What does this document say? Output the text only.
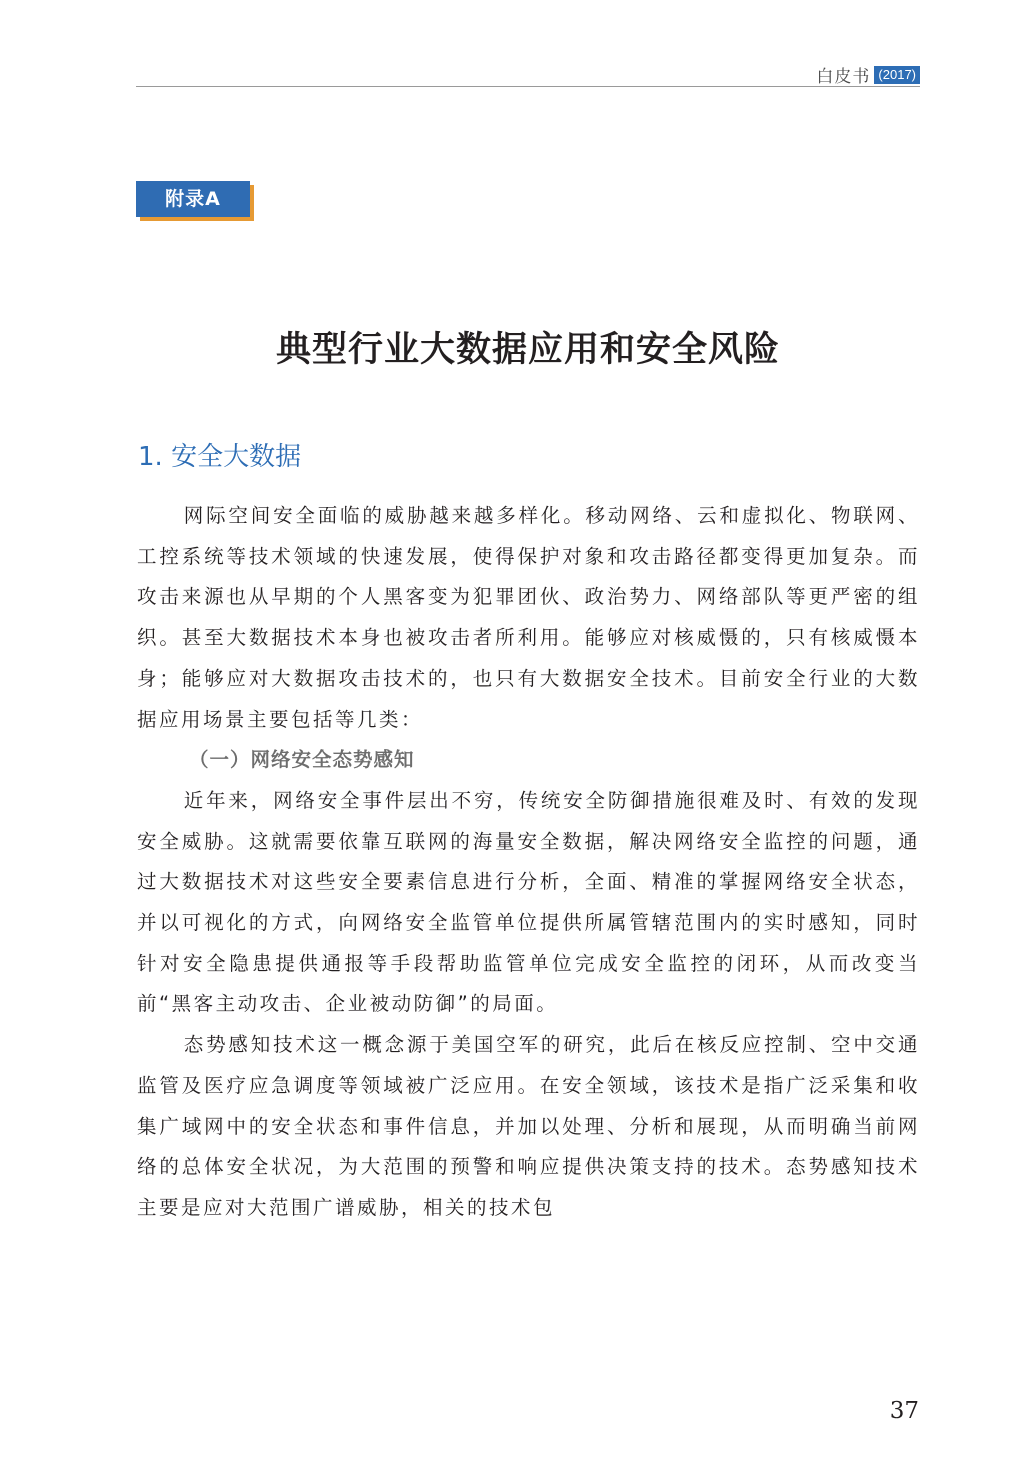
白皮书 (2017)
附录A
典型行业大数据应用和安全风险
1. 安全大数据

网际空间安全面临的威胁越来越多样化。移动网络、云和虚拟化、物联网、工控系统等技术领域的快速发展，使得保护对象和攻击路径都变得更加复杂。而攻击来源也从早期的个人黑客变为犯罪团伙、政治势力、网络部队等更严密的组织。甚至大数据技术本身也被攻击者所利用。能够应对核威慑的，只有核威慑本身；能够应对大数据攻击技术的，也只有大数据安全技术。目前安全行业的大数据应用场景主要包括等几类：

（一）网络安全态势感知

近年来，网络安全事件层出不穷，传统安全防御措施很难及时、有效的发现安全威胁。这就需要依靠互联网的海量安全数据，解决网络安全监控的问题，通过大数据技术对这些安全要素信息进行分析，全面、精准的掌握网络安全状态，并以可视化的方式，向网络安全监管单位提供所属管辖范围内的实时感知，同时针对安全隐患提供通报等手段帮助监管单位完成安全监控的闭环，从而改变当前“黑客主动攻击、企业被动防御”的局面。

态势感知技术这一概念源于美国空军的研究，此后在核反应控制、空中交通监管及医疗应急调度等领域被广泛应用。在安全领域，该技术是指广泛采集和收集广域网中的安全状态和事件信息，并加以处理、分析和展现，从而明确当前网络的总体安全状况，为大范围的预警和响应提供决策支持的技术。态势感知技术主要是应对大范围广谱威胁，相关的技术包

37
